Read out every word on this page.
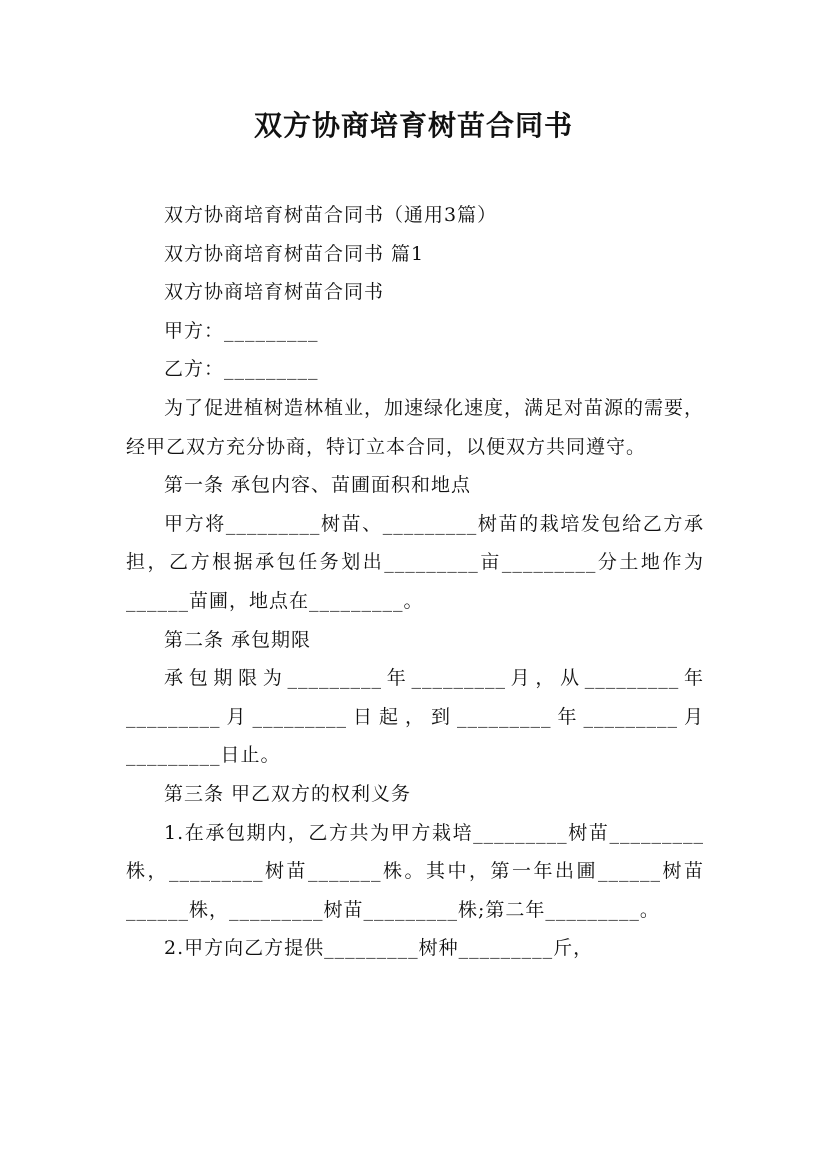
双方协商培育树苗合同书

双方协商培育树苗合同书（通用3篇）

双方协商培育树苗合同书 篇1

双方协商培育树苗合同书

甲方：_________

乙方：_________

为了促进植树造林植业，加速绿化速度，满足对苗源的需要，经甲乙双方充分协商，特订立本合同，以便双方共同遵守。

第一条 承包内容、苗圃面积和地点

甲方将_________树苗、_________树苗的栽培发包给乙方承担，乙方根据承包任务划出_________亩_________分土地作为______苗圃，地点在_________。

第二条 承包期限

承包期限为_________年_________月，从_________年_________月_________日起，到_________年_________月_________日止。

第三条 甲乙双方的权利义务

1.在承包期内，乙方共为甲方栽培_________树苗_________株，_________树苗_______株。其中，第一年出圃______树苗______株，_________树苗_________株;第二年_________。

2.甲方向乙方提供_________树种_________斤，
